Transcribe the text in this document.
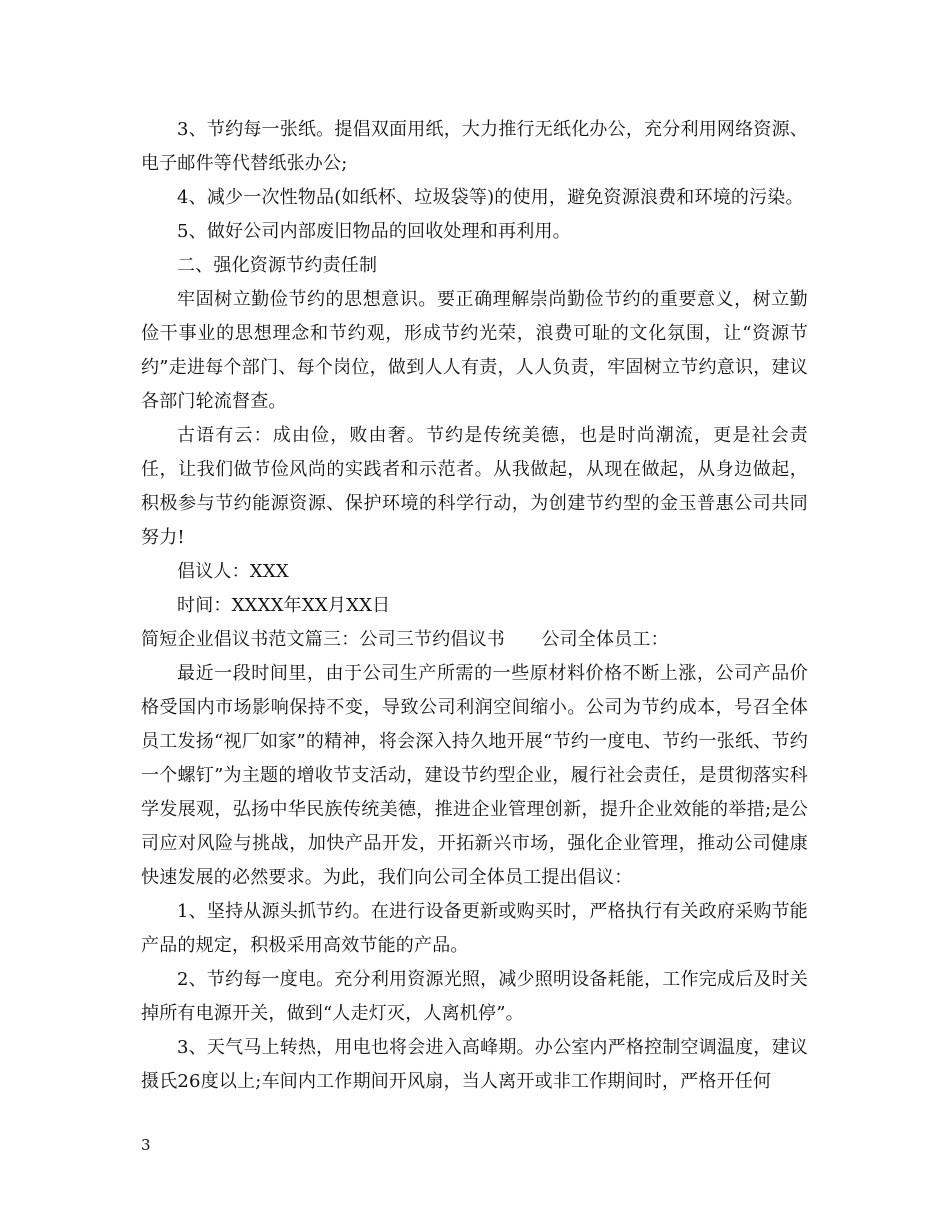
3、节约每一张纸。提倡双面用纸，大力推行无纸化办公，充分利用网络资源、电子邮件等代替纸张办公;

4、减少一次性物品(如纸杯、垃圾袋等)的使用，避免资源浪费和环境的污染。

5、做好公司内部废旧物品的回收处理和再利用。

二、强化资源节约责任制

牢固树立勤俭节约的思想意识。要正确理解崇尚勤俭节约的重要意义，树立勤俭干事业的思想理念和节约观，形成节约光荣，浪费可耻的文化氛围，让“资源节约”走进每个部门、每个岗位，做到人人有责，人人负责，牢固树立节约意识，建议各部门轮流督查。

古语有云：成由俭，败由奢。节约是传统美德，也是时尚潮流，更是社会责任，让我们做节俭风尚的实践者和示范者。从我做起，从现在做起，从身边做起，积极参与节约能源资源、保护环境的科学行动，为创建节约型的金玉普惠公司共同努力!

倡议人：XXX

时间：XXXX年XX月XX日

简短企业倡议书范文篇三：公司三节约倡议书　　公司全体员工：

最近一段时间里，由于公司生产所需的一些原材料价格不断上涨，公司产品价格受国内市场影响保持不变，导致公司利润空间缩小。公司为节约成本，号召全体员工发扬“视厂如家”的精神，将会深入持久地开展“节约一度电、节约一张纸、节约一个螺钉”为主题的增收节支活动，建设节约型企业，履行社会责任，是贯彻落实科学发展观，弘扬中华民族传统美德，推进企业管理创新，提升企业效能的举措;是公司应对风险与挑战，加快产品开发，开拓新兴市场，强化企业管理，推动公司健康快速发展的必然要求。为此，我们向公司全体员工提出倡议：

1、坚持从源头抓节约。在进行设备更新或购买时，严格执行有关政府采购节能产品的规定，积极采用高效节能的产品。

2、节约每一度电。充分利用资源光照，减少照明设备耗能，工作完成后及时关掉所有电源开关，做到“人走灯灭，人离机停”。

3、天气马上转热，用电也将会进入高峰期。办公室内严格控制空调温度，建议摄氏26度以上;车间内工作期间开风扇，当人离开或非工作期间时，严格开任何

3
